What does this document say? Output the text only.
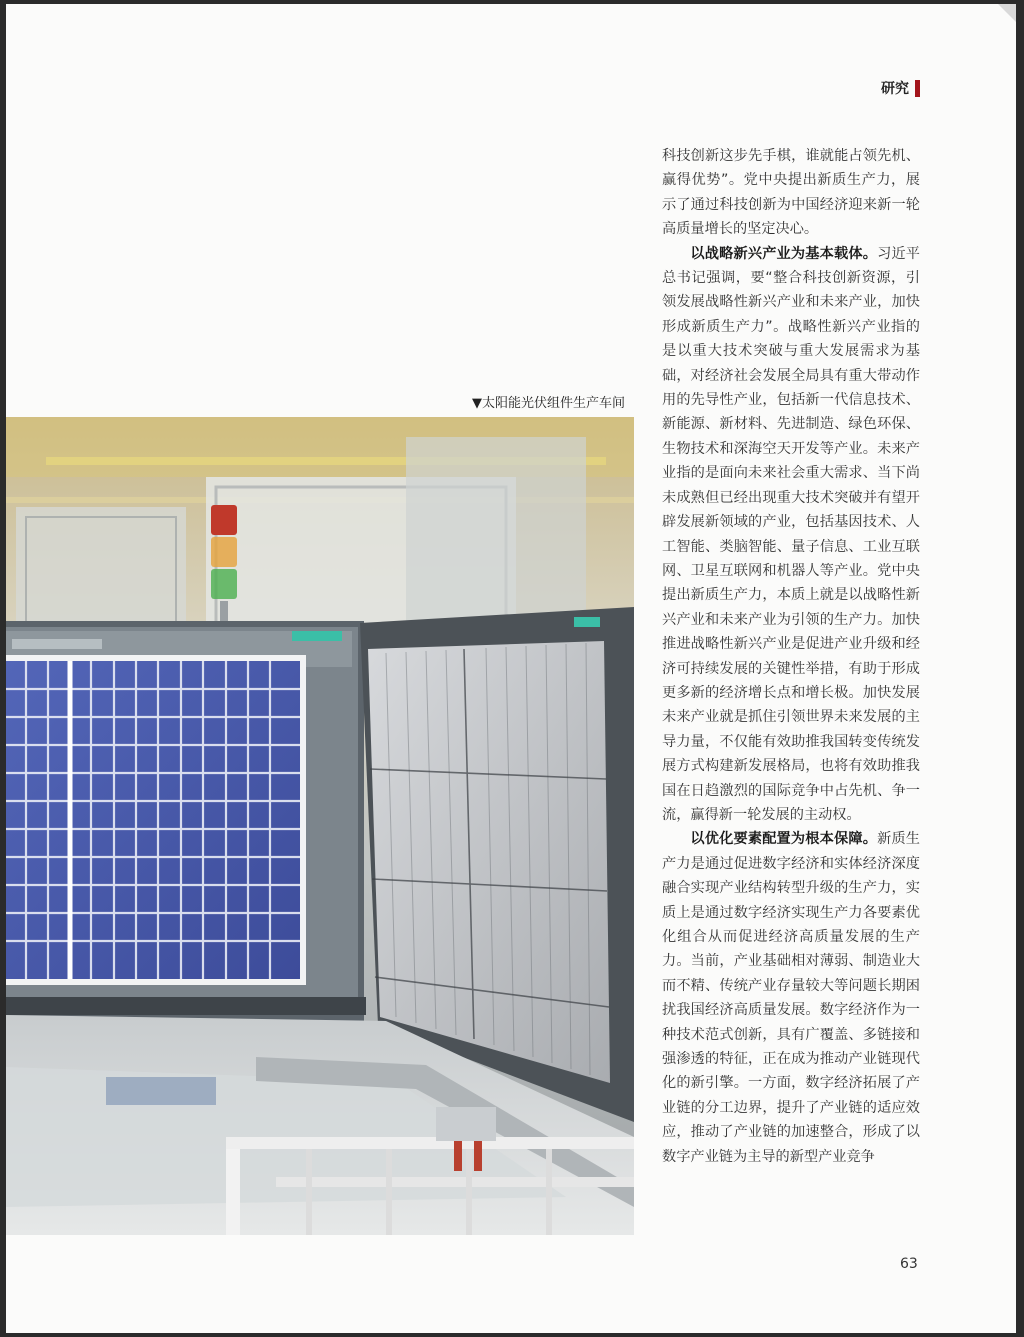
研究
▼太阳能光伏组件生产车间

科技创新这步先手棋，谁就能占领先机、赢得优势”。党中央提出新质生产力，展示了通过科技创新为中国经济迎来新一轮高质量增长的坚定决心。

以战略新兴产业为基本载体。习近平总书记强调，要“整合科技创新资源，引领发展战略性新兴产业和未来产业，加快形成新质生产力”。战略性新兴产业指的是以重大技术突破与重大发展需求为基础，对经济社会发展全局具有重大带动作用的先导性产业，包括新一代信息技术、新能源、新材料、先进制造、绿色环保、生物技术和深海空天开发等产业。未来产业指的是面向未来社会重大需求、当下尚未成熟但已经出现重大技术突破并有望开辟发展新领域的产业，包括基因技术、人工智能、类脑智能、量子信息、工业互联网、卫星互联网和机器人等产业。党中央提出新质生产力，本质上就是以战略性新兴产业和未来产业为引领的生产力。加快推进战略性新兴产业是促进产业升级和经济可持续发展的关键性举措，有助于形成更多新的经济增长点和增长极。加快发展未来产业就是抓住引领世界未来发展的主导力量，不仅能有效助推我国转变传统发展方式构建新发展格局，也将有效助推我国在日趋激烈的国际竞争中占先机、争一流，赢得新一轮发展的主动权。

以优化要素配置为根本保障。新质生产力是通过促进数字经济和实体经济深度融合实现产业结构转型升级的生产力，实质上是通过数字经济实现生产力各要素优化组合从而促进经济高质量发展的生产力。当前，产业基础相对薄弱、制造业大而不精、传统产业存量较大等问题长期困扰我国经济高质量发展。数字经济作为一种技术范式创新，具有广覆盖、多链接和强渗透的特征，正在成为推动产业链现代化的新引擎。一方面，数字经济拓展了产业链的分工边界，提升了产业链的适应效应，推动了产业链的加速整合，形成了以数字产业链为主导的新型产业竞争

63
